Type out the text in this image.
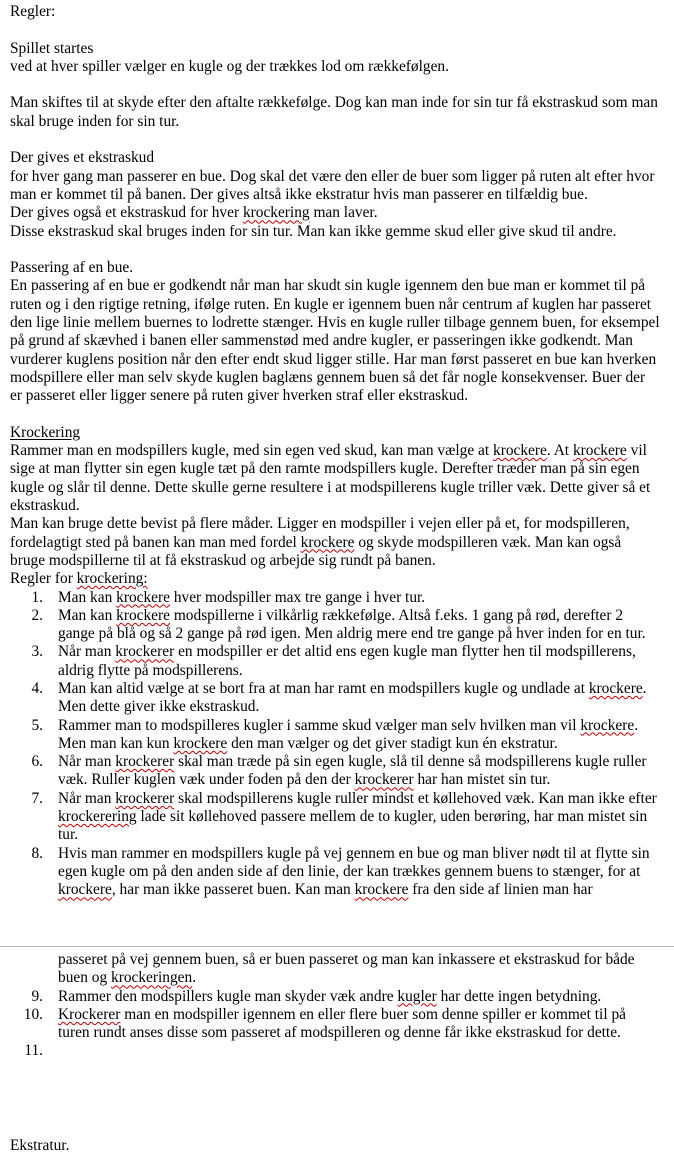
Regler:

Spillet startes

ved at hver spiller vælger en kugle og der trækkes lod om rækkefølgen.

Man skiftes til at skyde efter den aftalte rækkefølge. Dog kan man inde for sin tur få ekstraskud som man skal bruge inden for sin tur.

Der gives et ekstraskud

for hver gang man passerer en bue. Dog skal det være den eller de buer som ligger på ruten alt efter hvor man er kommet til på banen. Der gives altså ikke ekstratur hvis man passerer en tilfældig bue.

Der gives også et ekstraskud for hver krockering man laver.

Disse ekstraskud skal bruges inden for sin tur. Man kan ikke gemme skud eller give skud til andre.

Passering af en bue.

En passering af en bue er godkendt når man har skudt sin kugle igennem den bue man er kommet til på ruten og i den rigtige retning, ifølge ruten. En kugle er igennem buen når centrum af kuglen har passeret den lige linie mellem buernes to lodrette stænger. Hvis en kugle ruller tilbage gennem buen, for eksempel på grund af skævhed i banen eller sammenstød med andre kugler, er passeringen ikke godkendt. Man vurderer kuglens position når den efter endt skud ligger stille. Har man først passeret en bue kan hverken modspillere eller man selv skyde kuglen baglæns gennem buen så det får nogle konsekvenser. Buer der er passeret eller ligger senere på ruten giver hverken straf eller ekstraskud.

Krockering

Rammer man en modspillers kugle, med sin egen ved skud, kan man vælge at krockere. At krockere vil sige at man flytter sin egen kugle tæt på den ramte modspillers kugle. Derefter træder man på sin egen kugle og slår til denne. Dette skulle gerne resultere i at modspillerens kugle triller væk. Dette giver så et ekstraskud.

Man kan bruge dette bevist på flere måder. Ligger en modspiller i vejen eller på et, for modspilleren, fordelagtigt sted på banen kan man med fordel krockere og skyde modspilleren væk. Man kan også bruge modspillerne til at få ekstraskud og arbejde sig rundt på banen.

Regler for krockering:

1. Man kan krockere hver modspiller max tre gange i hver tur.
2. Man kan krockere modspillerne i vilkårlig rækkefølge. Altså f.eks. 1 gang på rød, derefter 2 gange på blå og så 2 gange på rød igen. Men aldrig mere end tre gange på hver inden for en tur.
3. Når man krockerer en modspiller er det altid ens egen kugle man flytter hen til modspillerens, aldrig flytte på modspillerens.
4. Man kan altid vælge at se bort fra at man har ramt en modspillers kugle og undlade at krockere. Men dette giver ikke ekstraskud.
5. Rammer man to modspilleres kugler i samme skud vælger man selv hvilken man vil krockere. Men man kan kun krockere den man vælger og det giver stadigt kun én ekstratur.
6. Når man krockerer skal man træde på sin egen kugle, slå til denne så modspillerens kugle ruller væk. Ruller kuglen væk under foden på den der krockerer har han mistet sin tur.
7. Når man krockerer skal modspillerens kugle ruller mindst et køllehoved væk. Kan man ikke efter krockerering lade sit køllehoved passere mellem de to kugler, uden berøring, har man mistet sin tur.
8. Hvis man rammer en modspillers kugle på vej gennem en bue og man bliver nødt til at flytte sin egen kugle om på den anden side af den linie, der kan trækkes gennem buens to stænger, for at krockere, har man ikke passeret buen. Kan man krockere fra den side af linien man har
passeret på vej gennem buen, så er buen passeret og man kan inkassere et ekstraskud for både buen og krockeringen.
9. Rammer den modspillers kugle man skyder væk andre kugler har dette ingen betydning.
10. Krockerer man en modspiller igennem en eller flere buer som denne spiller er kommet til på turen rundt anses disse som passeret af modspilleren og denne får ikke ekstraskud for dette.
11.

Ekstratur.
